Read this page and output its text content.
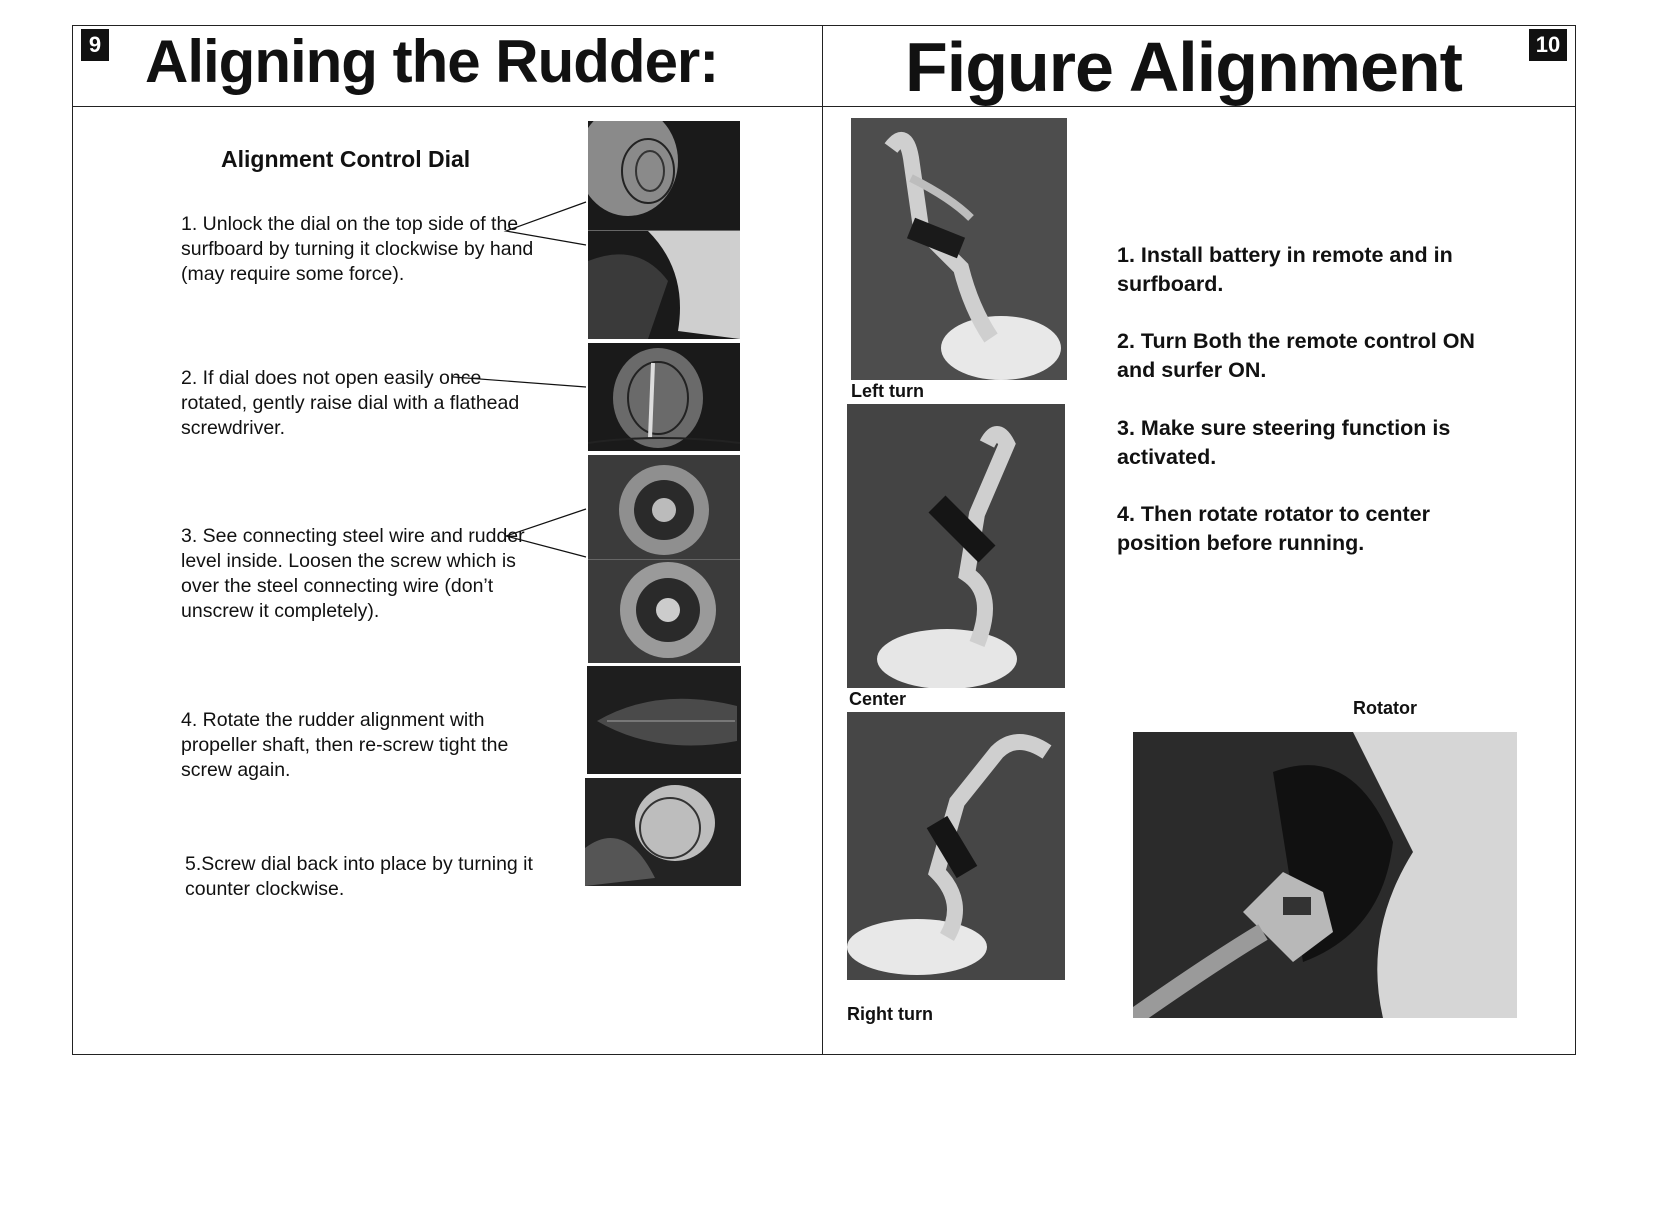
9 Aligning the Rudder:
Alignment Control Dial
1. Unlock the dial on the top side of the surfboard by turning it clockwise by hand (may require some force).
2. If dial does not open easily once rotated, gently raise dial with a flathead screwdriver.
3. See connecting steel wire and rudder level inside. Loosen the screw which is over the steel connecting wire (don’t unscrew it completely).
4. Rotate the rudder alignment with propeller shaft, then re-screw tight the screw again.
5.Screw dial back into place by turning it counter clockwise.
Figure Alignment	10
Left turn
Center
Right turn
1. Install battery in remote and in surfboard.
2. Turn Both the remote control ON and surfer ON.
3. Make sure steering function is activated.
4. Then rotate rotator to center position before running.
Rotator
